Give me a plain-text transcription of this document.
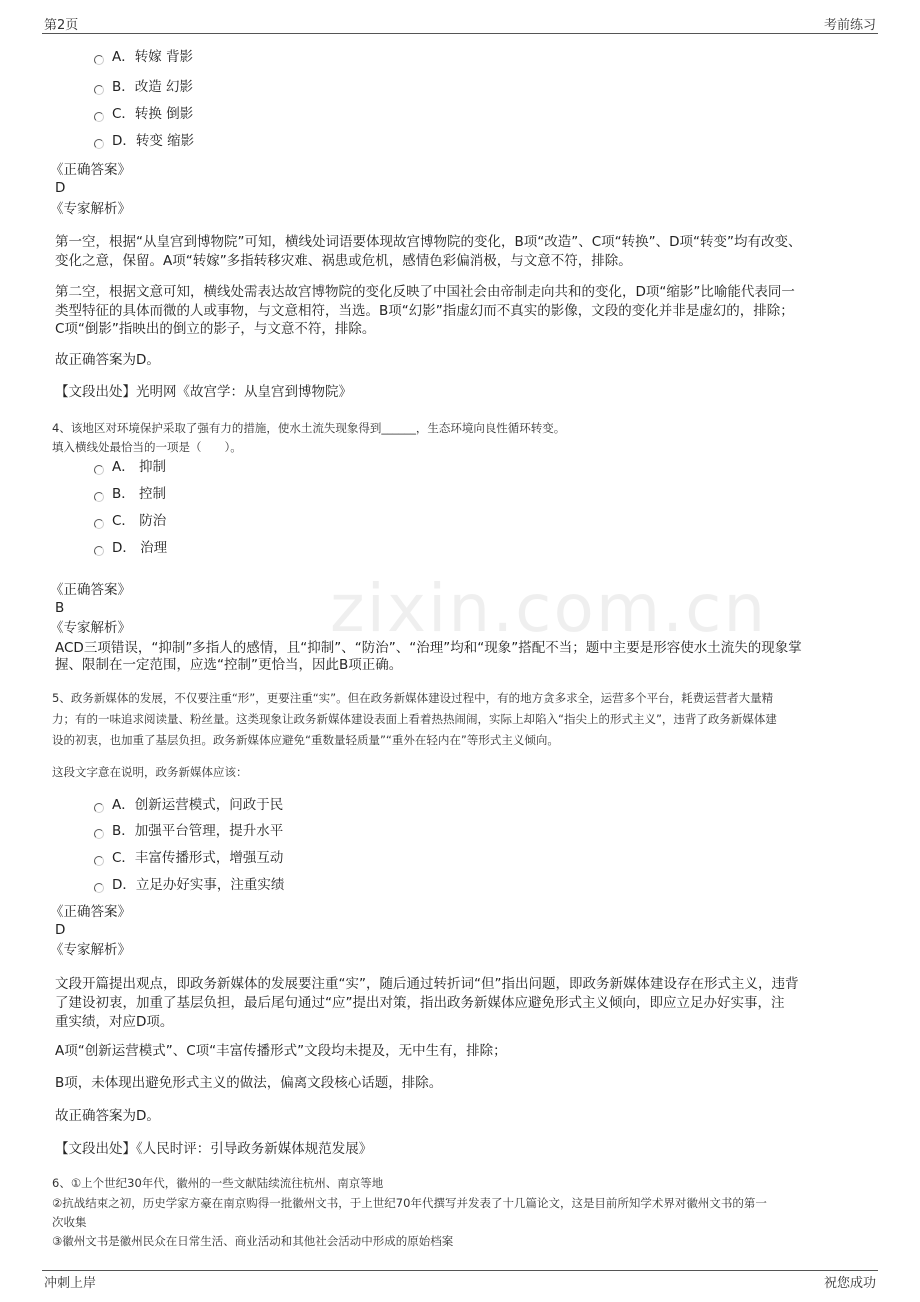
第2页	考前练习
zixin.com.cn
A．转嫁 背影
B．改造 幻影
C．转换 倒影
D．转变 缩影
《正确答案》
D
《专家解析》
第一空，根据“从皇宫到博物院”可知，横线处词语要体现故宫博物院的变化，B项“改造”、C项“转换”、D项“转变”均有改变、
变化之意，保留。A项“转嫁”多指转移灾难、祸患或危机，感情色彩偏消极，与文意不符，排除。
第二空，根据文意可知，横线处需表达故宫博物院的变化反映了中国社会由帝制走向共和的变化，D项“缩影”比喻能代表同一
类型特征的具体而微的人或事物，与文意相符，当选。B项“幻影”指虚幻而不真实的影像，文段的变化并非是虚幻的，排除；
C项“倒影”指映出的倒立的影子，与文意不符，排除。
故正确答案为D。
【文段出处】光明网《故宫学：从皇宫到博物院》
4、该地区对环境保护采取了强有力的措施，使水土流失现象得到______，生态环境向良性循环转变。
填入横线处最恰当的一项是（　　）。
A． 抑制
B． 控制
C． 防治
D． 治理
《正确答案》
B
《专家解析》
ACD三项错误，“抑制”多指人的感情，且“抑制”、“防治”、“治理”均和“现象”搭配不当；题中主要是形容使水土流失的现象掌
握、限制在一定范围，应选“控制”更恰当，因此B项正确。
5、政务新媒体的发展，不仅要注重“形”，更要注重“实”。但在政务新媒体建设过程中，有的地方贪多求全，运营多个平台，耗费运营者大量精
力；有的一味追求阅读量、粉丝量。这类现象让政务新媒体建设表面上看着热热闹闹，实际上却陷入“指尖上的形式主义”，违背了政务新媒体建
设的初衷，也加重了基层负担。政务新媒体应避免“重数量轻质量”“重外在轻内在”等形式主义倾向。
这段文字意在说明，政务新媒体应该：
A．创新运营模式，问政于民
B．加强平台管理，提升水平
C．丰富传播形式，增强互动
D．立足办好实事，注重实绩
《正确答案》
D
《专家解析》
文段开篇提出观点，即政务新媒体的发展要注重“实”，随后通过转折词“但”指出问题，即政务新媒体建设存在形式主义，违背
了建设初衷，加重了基层负担，最后尾句通过“应”提出对策，指出政务新媒体应避免形式主义倾向，即应立足办好实事，注
重实绩，对应D项。
A项“创新运营模式”、C项“丰富传播形式”文段均未提及，无中生有，排除；
B项，未体现出避免形式主义的做法，偏离文段核心话题，排除。
故正确答案为D。
【文段出处】《人民时评：引导政务新媒体规范发展》
6、①上个世纪30年代，徽州的一些文献陆续流往杭州、南京等地
②抗战结束之初，历史学家方豪在南京购得一批徽州文书，于上世纪70年代撰写并发表了十几篇论文，这是目前所知学术界对徽州文书的第一
次收集
③徽州文书是徽州民众在日常生活、商业活动和其他社会活动中形成的原始档案
冲刺上岸	祝您成功
